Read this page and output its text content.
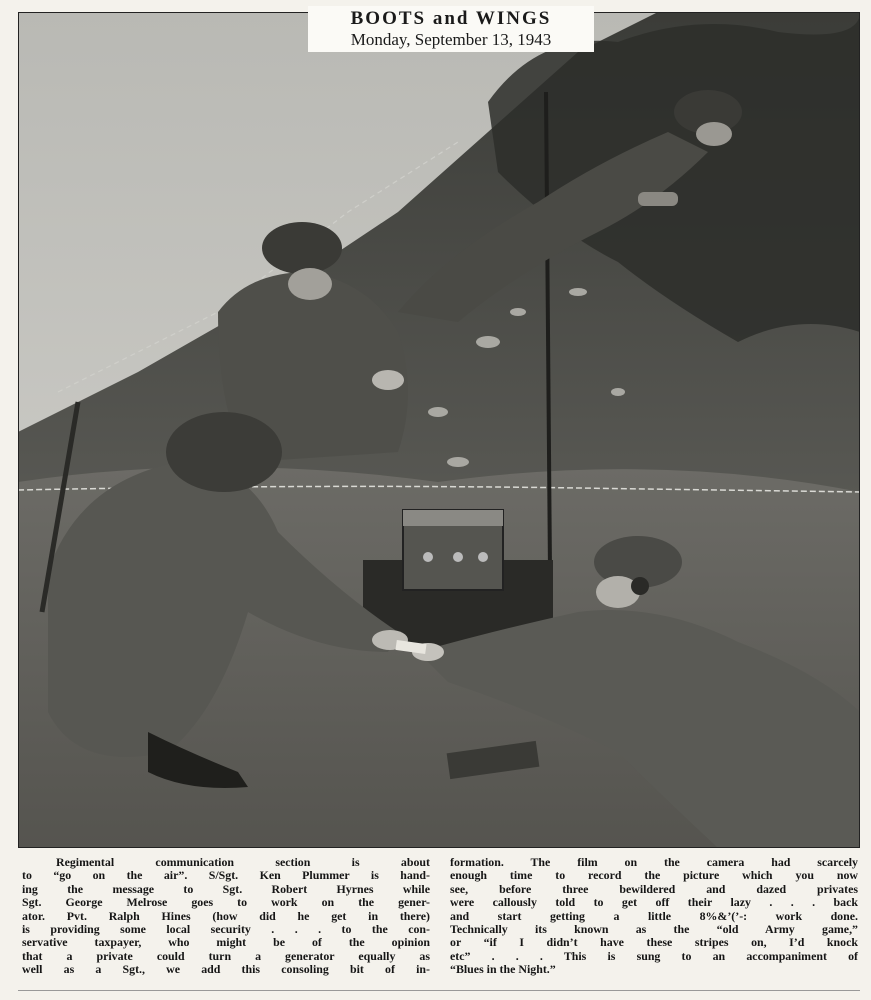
BOOTS and WINGS
Monday, September 13, 1943
Regimental communication section is about
to “go on the air”. S/Sgt. Ken Plummer is hand-
ing the message to Sgt. Robert Hyrnes while
Sgt. George Melrose goes to work on the gener-
ator. Pvt. Ralph Hines (how did he get in there)
is providing some local security . . . to the con-
servative taxpayer, who might be of the opinion
that a private could turn a generator equally as
well as a Sgt., we add this consoling bit of in-
formation. The film on the camera had scarcely
enough time to record the picture which you now
see, before three bewildered and dazed privates
were callously told to get off their lazy . . . back
and start getting a little 8%&’(’-: work done.
Technically its known as the “old Army game,”
or “if I didn’t have these stripes on, I’d knock
etc” . . . This is sung to an accompaniment of
“Blues in the Night.”
